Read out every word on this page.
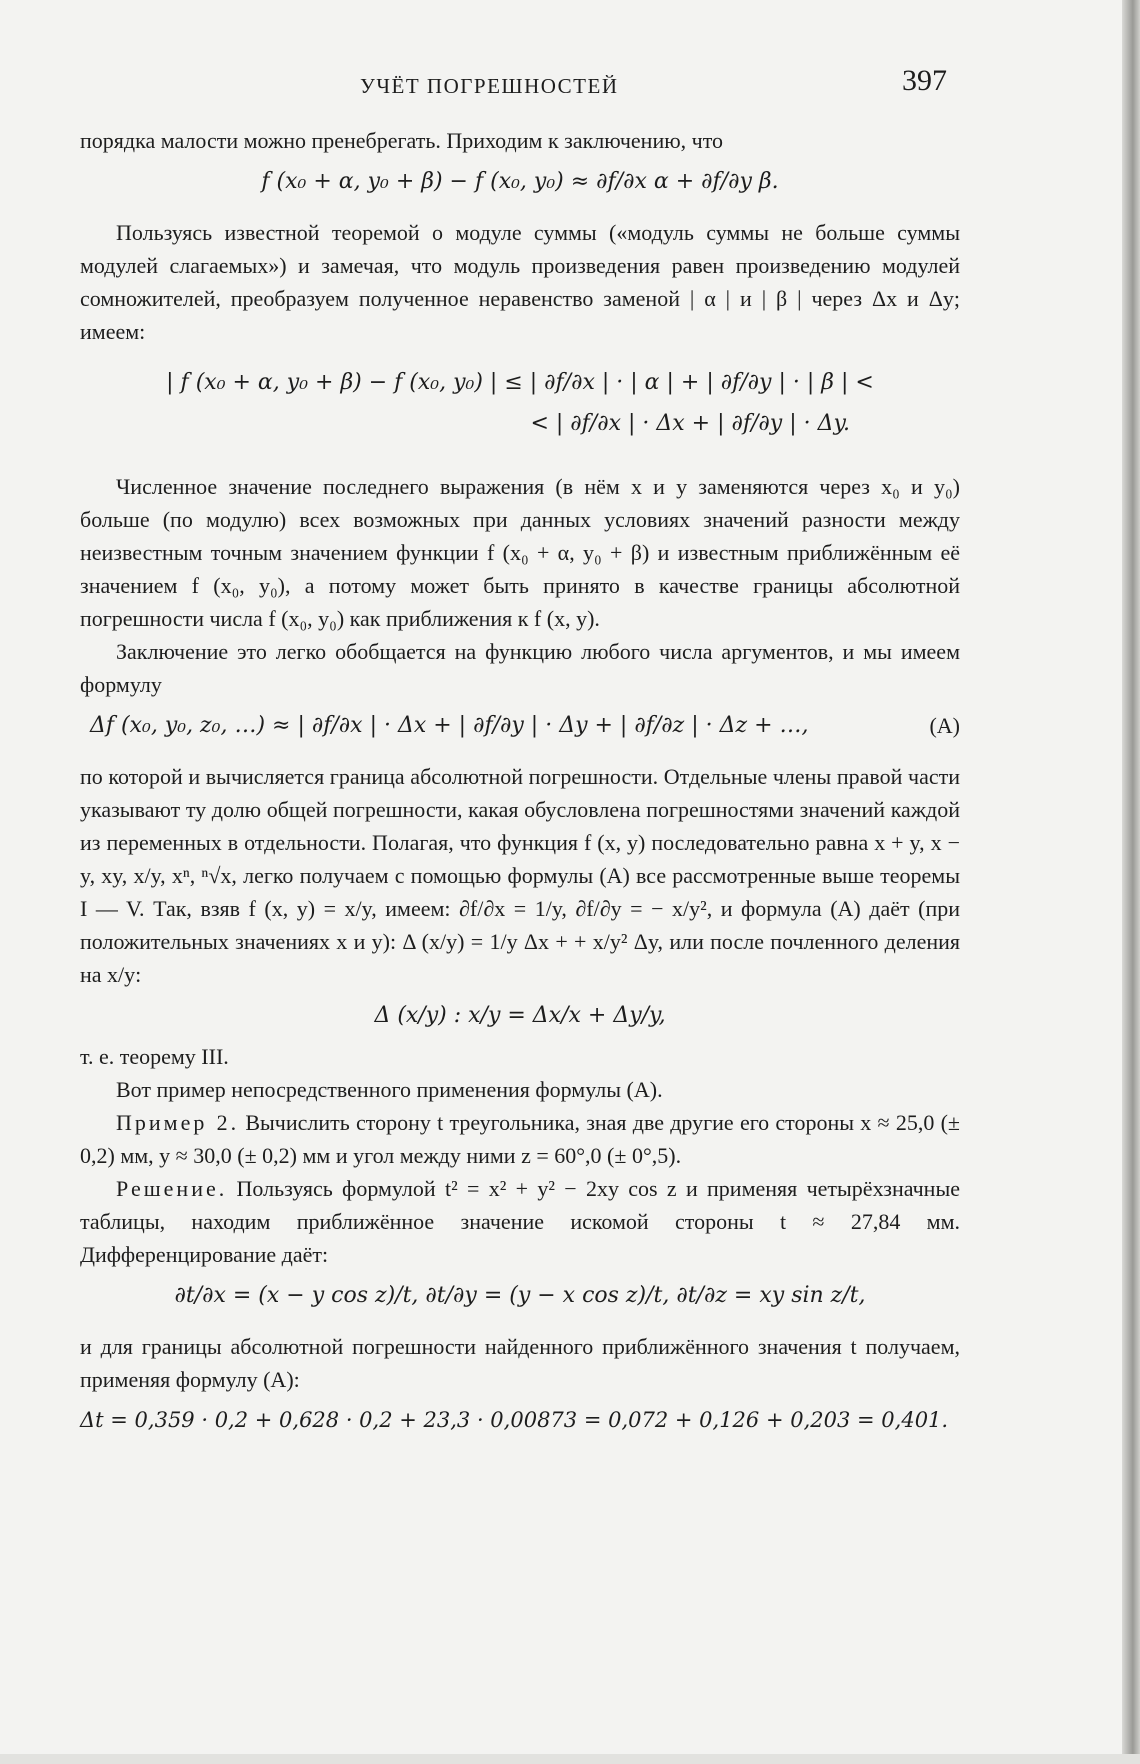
УЧЁТ ПОГРЕШНОСТЕЙ	397

порядка малости можно пренебрегать. Приходим к заключению, что

f (x₀ + α, y₀ + β) − f (x₀, y₀) ≈ ∂f/∂x α + ∂f/∂y β.

Пользуясь известной теоремой о модуле суммы («модуль суммы не больше суммы модулей слагаемых») и замечая, что модуль произведения равен произведению модулей сомножителей, преобразуем полученное неравенство заменой | α | и | β | через Δx и Δy; имеем:

| f (x₀ + α, y₀ + β) − f (x₀, y₀) | ≤ | ∂f/∂x | · | α | + | ∂f/∂y | · | β | <
< | ∂f/∂x | · Δx + | ∂f/∂y | · Δy.

Численное значение последнего выражения (в нём x и y заменяются через x₀ и y₀) больше (по модулю) всех возможных при данных условиях значений разности между неизвестным точным значением функции f (x₀ + α, y₀ + β) и известным приближённым её значением f (x₀, y₀), а потому может быть принято в качестве границы абсолютной погрешности числа f (x₀, y₀) как приближения к f (x, y).

Заключение это легко обобщается на функцию любого числа аргументов, и мы имеем формулу

Δf (x₀, y₀, z₀, …) ≈ | ∂f/∂x | · Δx + | ∂f/∂y | · Δy + | ∂f/∂z | · Δz + …,	(A)

по которой и вычисляется граница абсолютной погрешности. Отдельные члены правой части указывают ту долю общей погрешности, какая обусловлена погрешностями значений каждой из переменных в отдельности. Полагая, что функция f (x, y) последовательно равна x + y, x − y, xy, x/y, xⁿ, ⁿ√x, легко получаем с помощью формулы (A) все рассмотренные выше теоремы I — V. Так, взяв f (x, y) = x/y, имеем: ∂f/∂x = 1/y, ∂f/∂y = − x/y², и формула (A) даёт (при положительных значениях x и y): Δ (x/y) = 1/y Δx + + x/y² Δy, или после почленного деления на x/y:

Δ (x/y) : x/y = Δx/x + Δy/y,

т. е. теорему III.

Вот пример непосредственного применения формулы (A).

Пример 2. Вычислить сторону t треугольника, зная две другие его стороны x ≈ 25,0 (± 0,2) мм, y ≈ 30,0 (± 0,2) мм и угол между ними z = 60°,0 (± 0°,5).

Решение. Пользуясь формулой t² = x² + y² − 2xy cos z и применяя четырёхзначные таблицы, находим приближённое значение искомой стороны t ≈ 27,84 мм. Дифференцирование даёт:

∂t/∂x = (x − y cos z)/t, ∂t/∂y = (y − x cos z)/t, ∂t/∂z = xy sin z/t,

и для границы абсолютной погрешности найденного приближённого значения t получаем, применяя формулу (A):

Δt = 0,359 · 0,2 + 0,628 · 0,2 + 23,3 · 0,00873 = 0,072 + 0,126 + 0,203 = 0,401.
